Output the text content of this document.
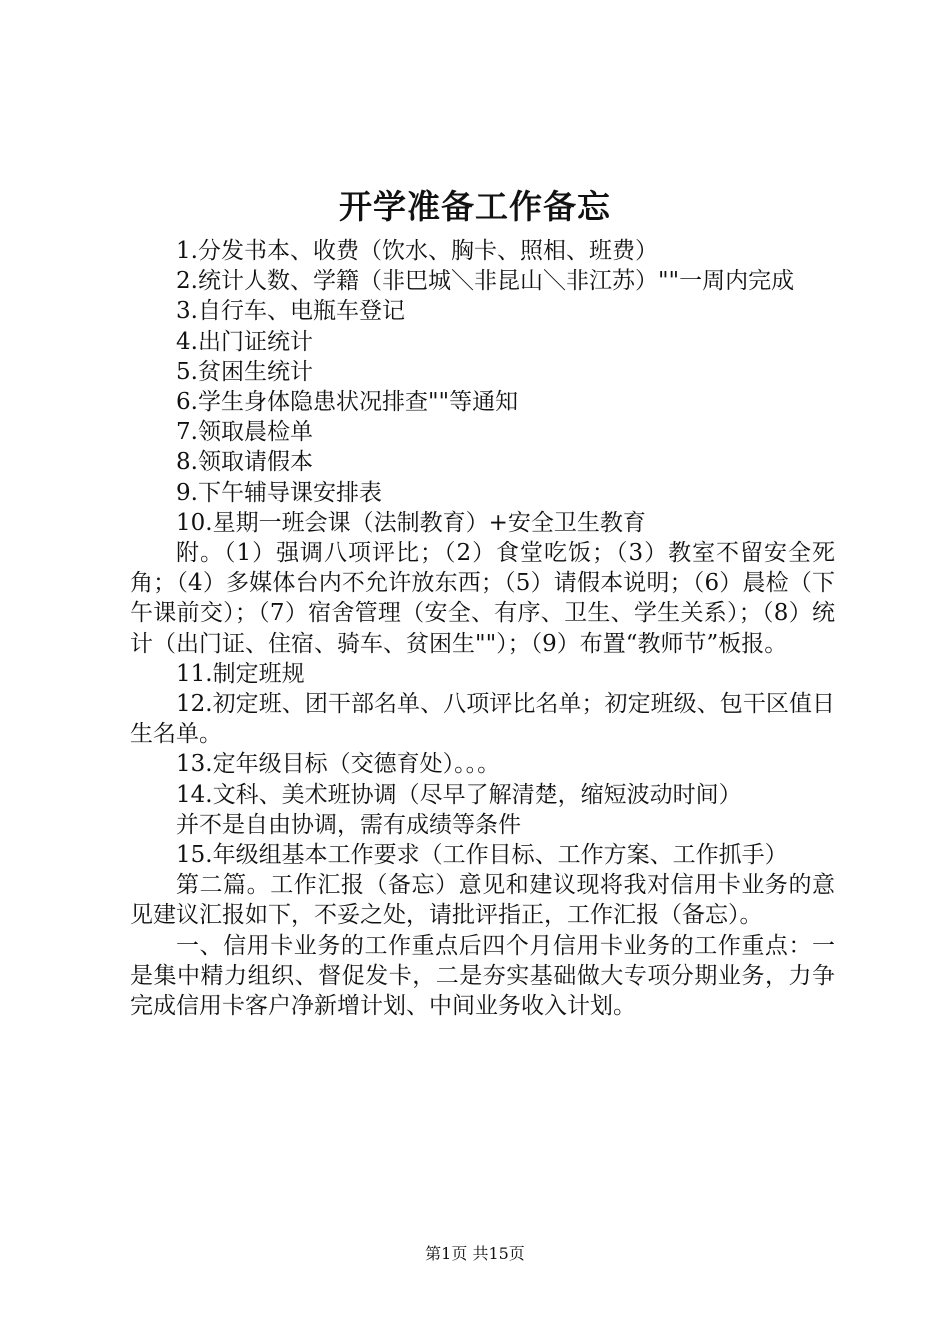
开学准备工作备忘

1.分发书本、收费（饮水、胸卡、照相、班费）

2.统计人数、学籍（非巴城＼非昆山＼非江苏）""一周内完成

3.自行车、电瓶车登记

4.出门证统计

5.贫困生统计

6.学生身体隐患状况排查""等通知

7.领取晨检单

8.领取请假本

9.下午辅导课安排表

10.星期一班会课（法制教育）+安全卫生教育

附。（1）强调八项评比；（2）食堂吃饭；（3）教室不留安全死角；（4）多媒体台内不允许放东西；（5）请假本说明；（6）晨检（下午课前交）；（7）宿舍管理（安全、有序、卫生、学生关系）；（8）统计（出门证、住宿、骑车、贫困生""）；（9）布置“教师节”板报。

11.制定班规

12.初定班、团干部名单、八项评比名单；初定班级、包干区值日生名单。

13.定年级目标（交德育处）。。。

14.文科、美术班协调（尽早了解清楚，缩短波动时间）

并不是自由协调，需有成绩等条件

15.年级组基本工作要求（工作目标、工作方案、工作抓手）

第二篇。工作汇报（备忘）意见和建议现将我对信用卡业务的意见建议汇报如下，不妥之处，请批评指正，工作汇报（备忘）。

一、信用卡业务的工作重点后四个月信用卡业务的工作重点：一是集中精力组织、督促发卡，二是夯实基础做大专项分期业务，力争完成信用卡客户净新增计划、中间业务收入计划。

第1页 共15页
